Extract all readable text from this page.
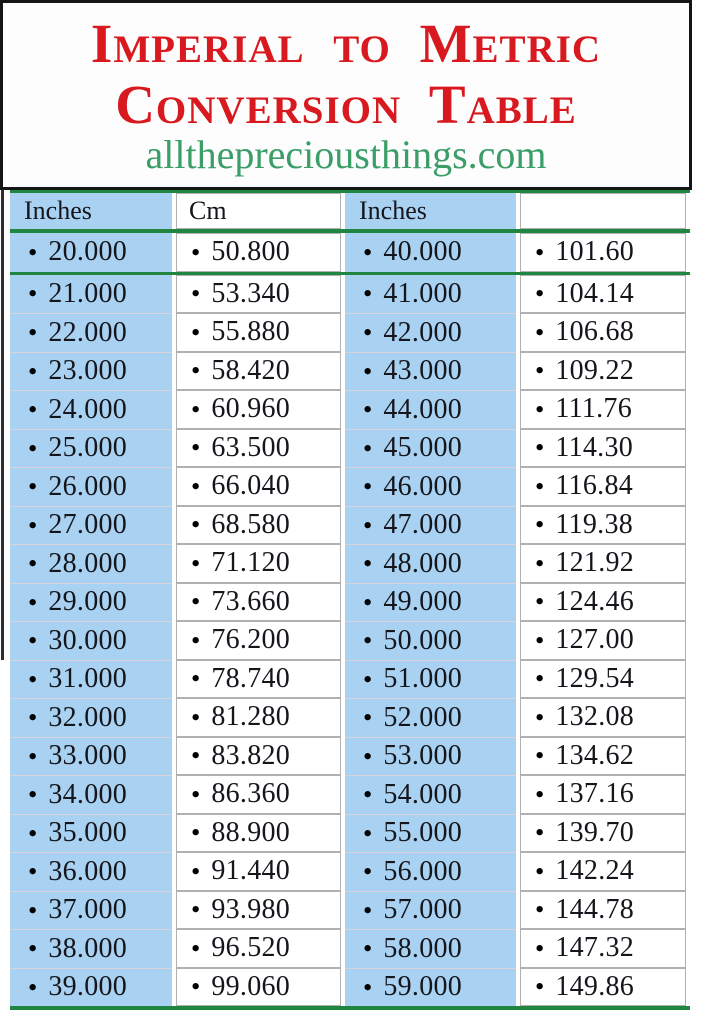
Imperial to Metric
Conversion Table
allthepreciousthings.com
Inches	Cm	Inches
• 20.000 • 50.800	• 40.000	• 101.60
• 21.000 • 53.340	• 41.000	• 104.14
• 22.000 • 55.880	• 42.000	• 106.68
• 23.000 • 58.420	• 43.000	• 109.22
• 24.000 • 60.960	• 44.000	• 111.76
• 25.000 • 63.500	• 45.000	• 114.30
• 26.000 • 66.040	• 46.000	• 116.84
• 27.000 • 68.580	• 47.000	• 119.38
• 28.000 • 71.120	• 48.000	• 121.92
• 29.000 • 73.660	• 49.000	• 124.46
• 30.000 • 76.200	• 50.000	• 127.00
• 31.000 • 78.740	• 51.000	• 129.54
• 32.000 • 81.280	• 52.000	• 132.08
• 33.000 • 83.820	• 53.000	• 134.62
• 34.000 • 86.360	• 54.000	• 137.16
• 35.000 • 88.900	• 55.000	• 139.70
• 36.000 • 91.440	• 56.000	• 142.24
• 37.000 • 93.980	• 57.000	• 144.78
• 38.000 • 96.520	• 58.000	• 147.32
• 39.000 • 99.060	• 59.000	• 149.86
